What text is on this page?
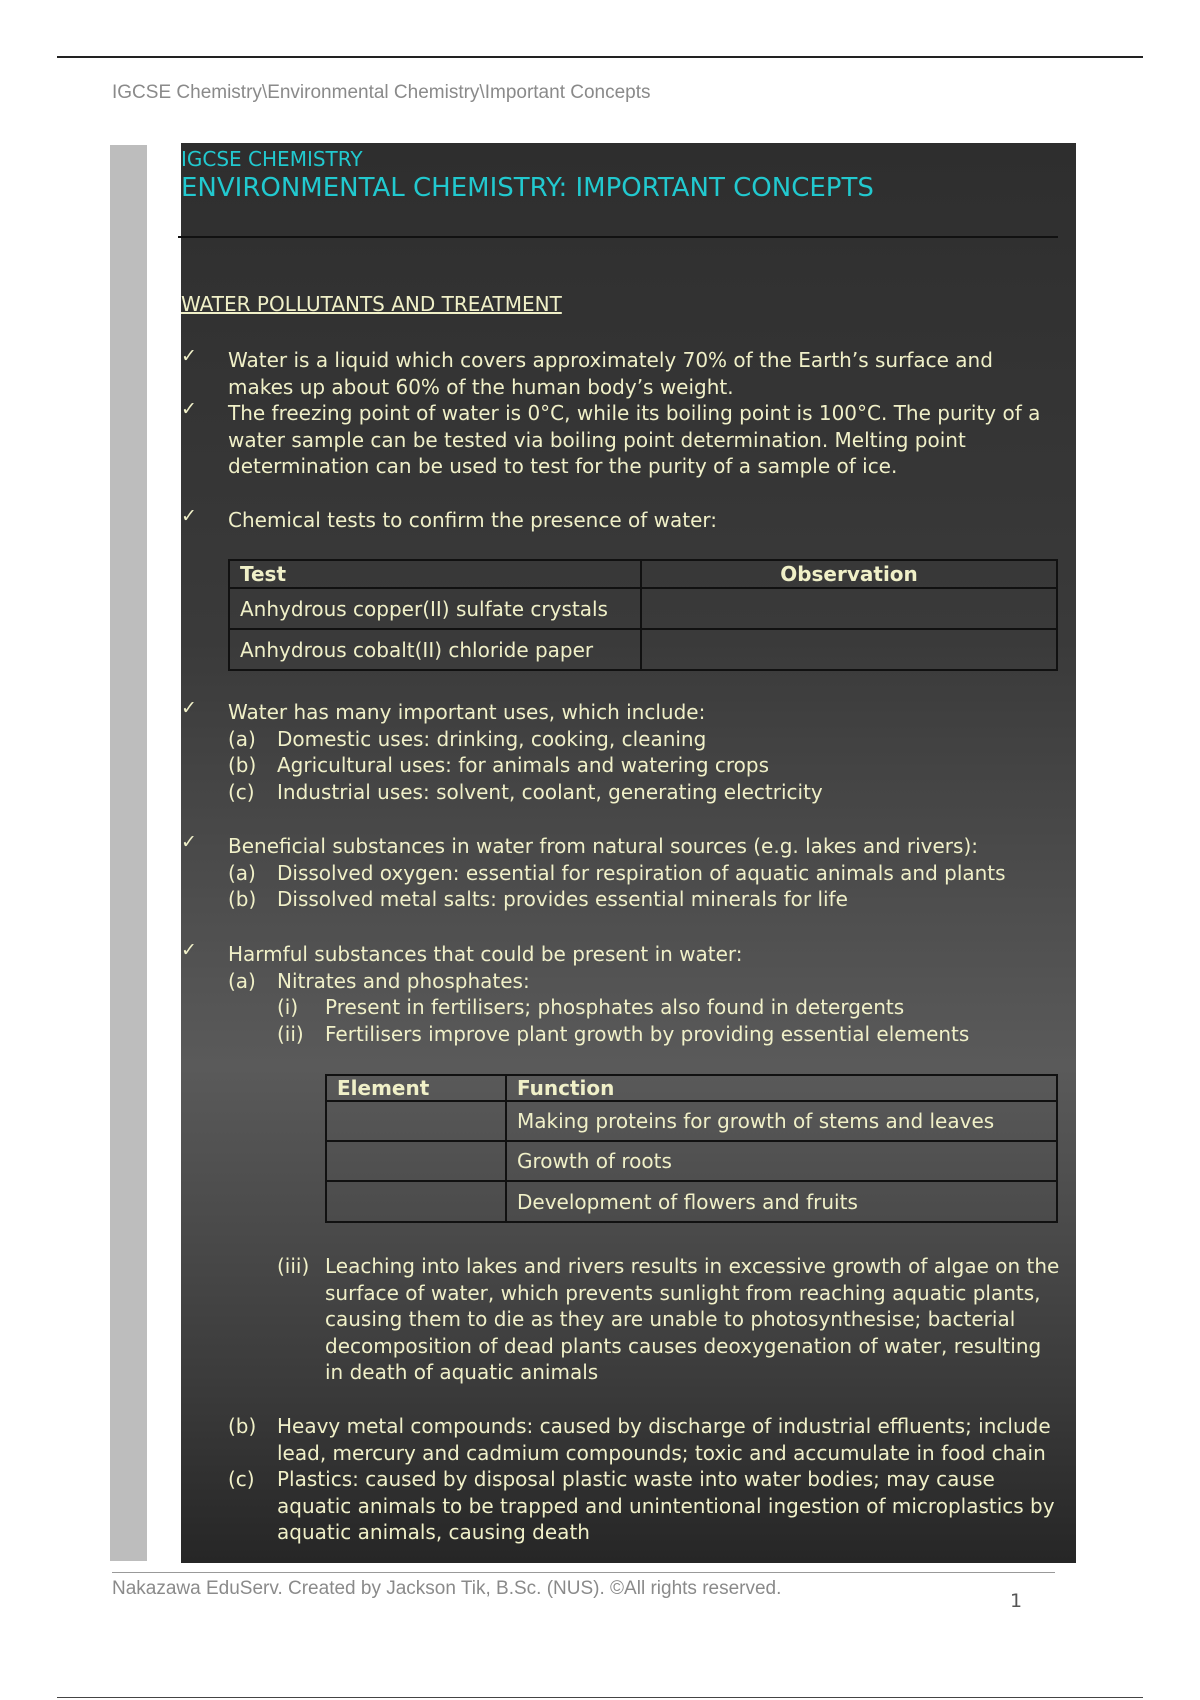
IGCSE Chemistry\Environmental Chemistry\Important Concepts
IGCSE CHEMISTRY
ENVIRONMENTAL CHEMISTRY: IMPORTANT CONCEPTS
WATER POLLUTANTS AND TREATMENT
✓ Water is a liquid which covers approximately 70% of the Earth’s surface and makes up about 60% of the human body’s weight.
✓ The freezing point of water is 0°C, while its boiling point is 100°C. The purity of a water sample can be tested via boiling point determination. Melting point determination can be used to test for the purity of a sample of ice.
✓ Chemical tests to confirm the presence of water:
Test	Observation
Anhydrous copper(II) sulfate crystals	
Anhydrous cobalt(II) chloride paper	
✓ Water has many important uses, which include:
(a) Domestic uses: drinking, cooking, cleaning
(b) Agricultural uses: for animals and watering crops
(c) Industrial uses: solvent, coolant, generating electricity
✓ Beneficial substances in water from natural sources (e.g. lakes and rivers):
(a) Dissolved oxygen: essential for respiration of aquatic animals and plants
(b) Dissolved metal salts: provides essential minerals for life
✓ Harmful substances that could be present in water:
(a) Nitrates and phosphates:
(i) Present in fertilisers; phosphates also found in detergents
(ii) Fertilisers improve plant growth by providing essential elements
Element	Function
	Making proteins for growth of stems and leaves
	Growth of roots
	Development of flowers and fruits
(iii) Leaching into lakes and rivers results in excessive growth of algae on the surface of water, which prevents sunlight from reaching aquatic plants, causing them to die as they are unable to photosynthesise; bacterial decomposition of dead plants causes deoxygenation of water, resulting in death of aquatic animals
(b) Heavy metal compounds: caused by discharge of industrial effluents; include lead, mercury and cadmium compounds; toxic and accumulate in food chain
(c) Plastics: caused by disposal plastic waste into water bodies; may cause aquatic animals to be trapped and unintentional ingestion of microplastics by aquatic animals, causing death
Nakazawa EduServ. Created by Jackson Tik, B.Sc. (NUS). ©All rights reserved.
1
